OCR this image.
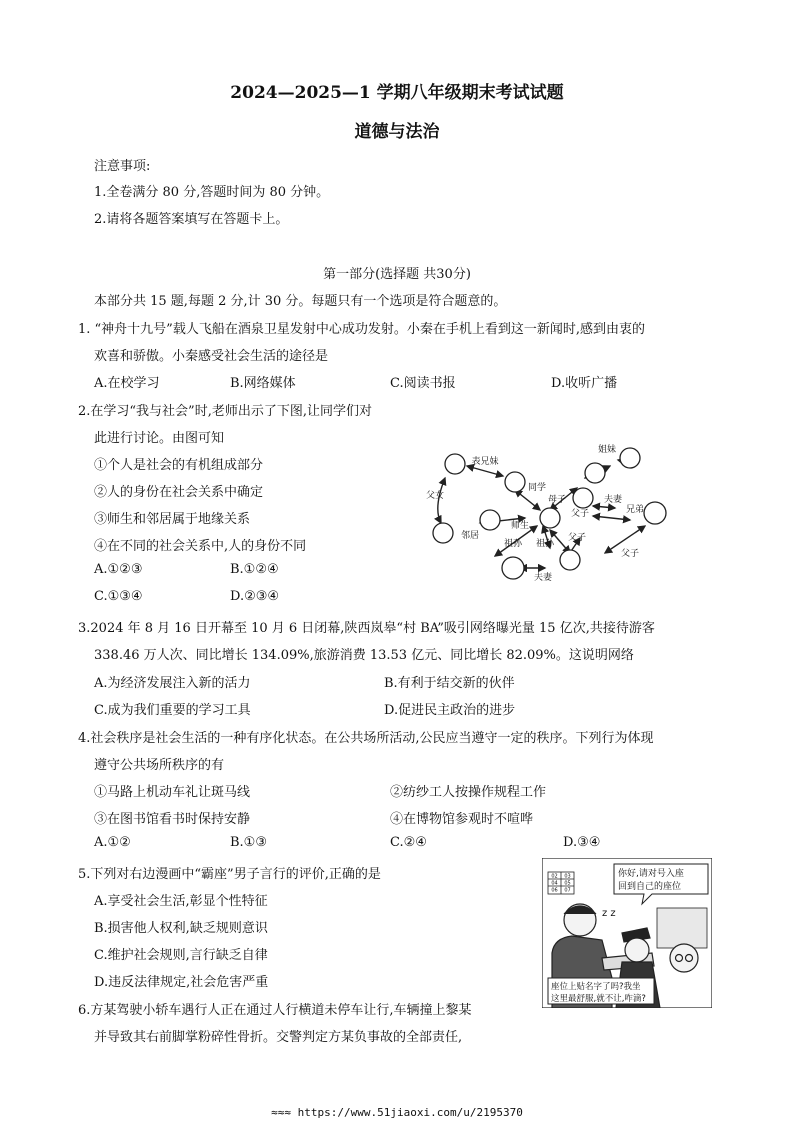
2024—2025—1 学期八年级期末考试试题
道德与法治
注意事项:
1.全卷满分 80 分,答题时间为 80 分钟。
2.请将各题答案填写在答题卡上。
第一部分(选择题 共30分)
本部分共 15 题,每题 2 分,计 30 分。每题只有一个选项是符合题意的。
1. “神舟十九号”载人飞船在酒泉卫星发射中心成功发射。小秦在手机上看到这一新闻时,感到由衷的
欢喜和骄傲。小秦感受社会生活的途径是
A.在校学习	B.网络媒体	C.阅读书报	D.收听广播
2.在学习“我与社会”时,老师出示了下图,让同学们对
此进行讨论。由图可知
①个人是社会的有机组成部分
②人的身份在社会关系中确定
③师生和邻居属于地缘关系
④在不同的社会关系中,人的身份不同
A.①②③	B.①②④
C.①③④	D.②③④
表兄妹
姐妹
父女
同学
母子	夫妻
父子	兄弟
邻居
师生
祖孙 祖孙
父子
父子
夫妻
3.2024 年 8 月 16 日开幕至 10 月 6 日闭幕,陕西岚皋“村 BA”吸引网络曝光量 15 亿次,共接待游客
338.46 万人次、同比增长 134.09%,旅游消费 13.53 亿元、同比增长 82.09%。这说明网络
A.为经济发展注入新的活力	B.有利于结交新的伙伴
C.成为我们重要的学习工具	D.促进民主政治的进步
4.社会秩序是社会生活的一种有序化状态。在公共场所活动,公民应当遵守一定的秩序。下列行为体现
遵守公共场所秩序的有
①马路上机动车礼让斑马线	②纺纱工人按操作规程工作
③在图书馆看书时保持安静	④在博物馆参观时不喧哗
A.①②	B.①③	C.②④	D.③④
5.下列对右边漫画中“霸座”男子言行的评价,正确的是
A.享受社会生活,彰显个性特征
B.损害他人权利,缺乏规则意识
C.维护社会规则,言行缺乏自律
D.违反法律规定,社会危害严重
02 03
04 05
06 07
你好,请对号入座
回到自己的座位
z z
座位上贴名字了吗?我坐
这里最舒服,就不让,咋滴?
6.方某驾驶小轿车遇行人正在通过人行横道未停车让行,车辆撞上黎某
并导致其右前脚掌粉碎性骨折。交警判定方某负事故的全部责任,
≈≈≈ https://www.51jiaoxi.com/u/2195370
